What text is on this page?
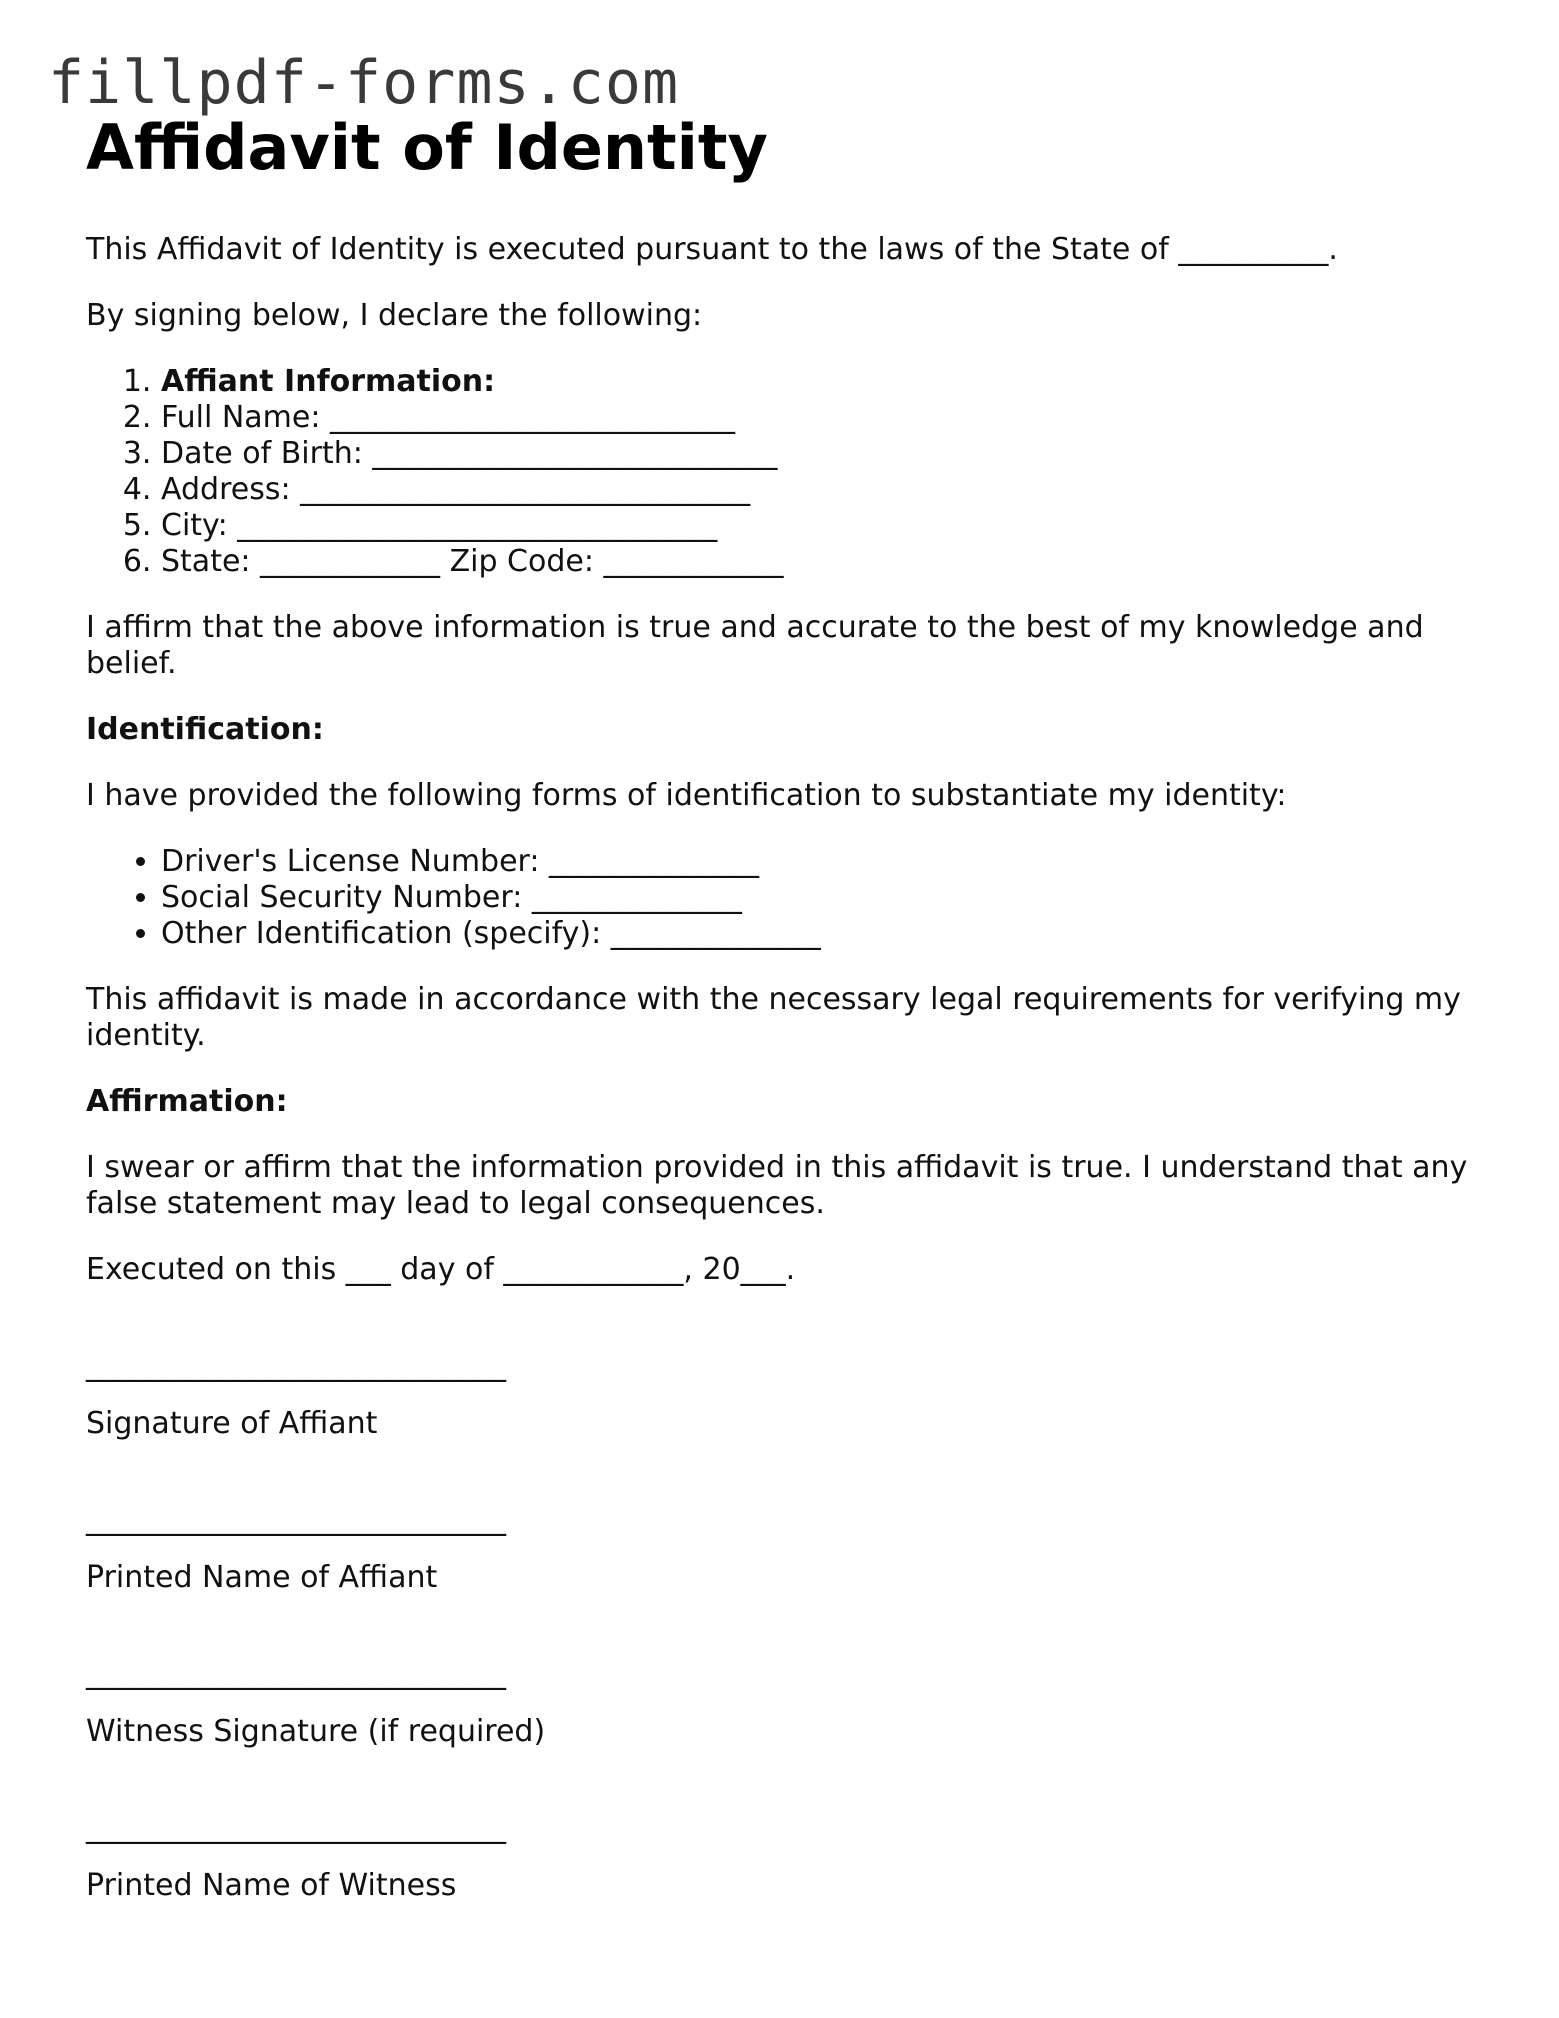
fillpdf-forms.com
Affidavit of Identity

This Affidavit of Identity is executed pursuant to the laws of the State of __________.

By signing below, I declare the following:

1. Affiant Information:
2. Full Name: ___________________________
3. Date of Birth: ___________________________
4. Address: ______________________________
5. City: ________________________________
6. State: ____________ Zip Code: ____________

I affirm that the above information is true and accurate to the best of my knowledge and belief.

Identification:

I have provided the following forms of identification to substantiate my identity:

• Driver's License Number: ______________
• Social Security Number: ______________
• Other Identification (specify): ______________

This affidavit is made in accordance with the necessary legal requirements for verifying my identity.

Affirmation:

I swear or affirm that the information provided in this affidavit is true. I understand that any false statement may lead to legal consequences.

Executed on this ___ day of ____________, 20___.

____________________________
Signature of Affiant
____________________________
Printed Name of Affiant
____________________________
Witness Signature (if required)
____________________________
Printed Name of Witness
